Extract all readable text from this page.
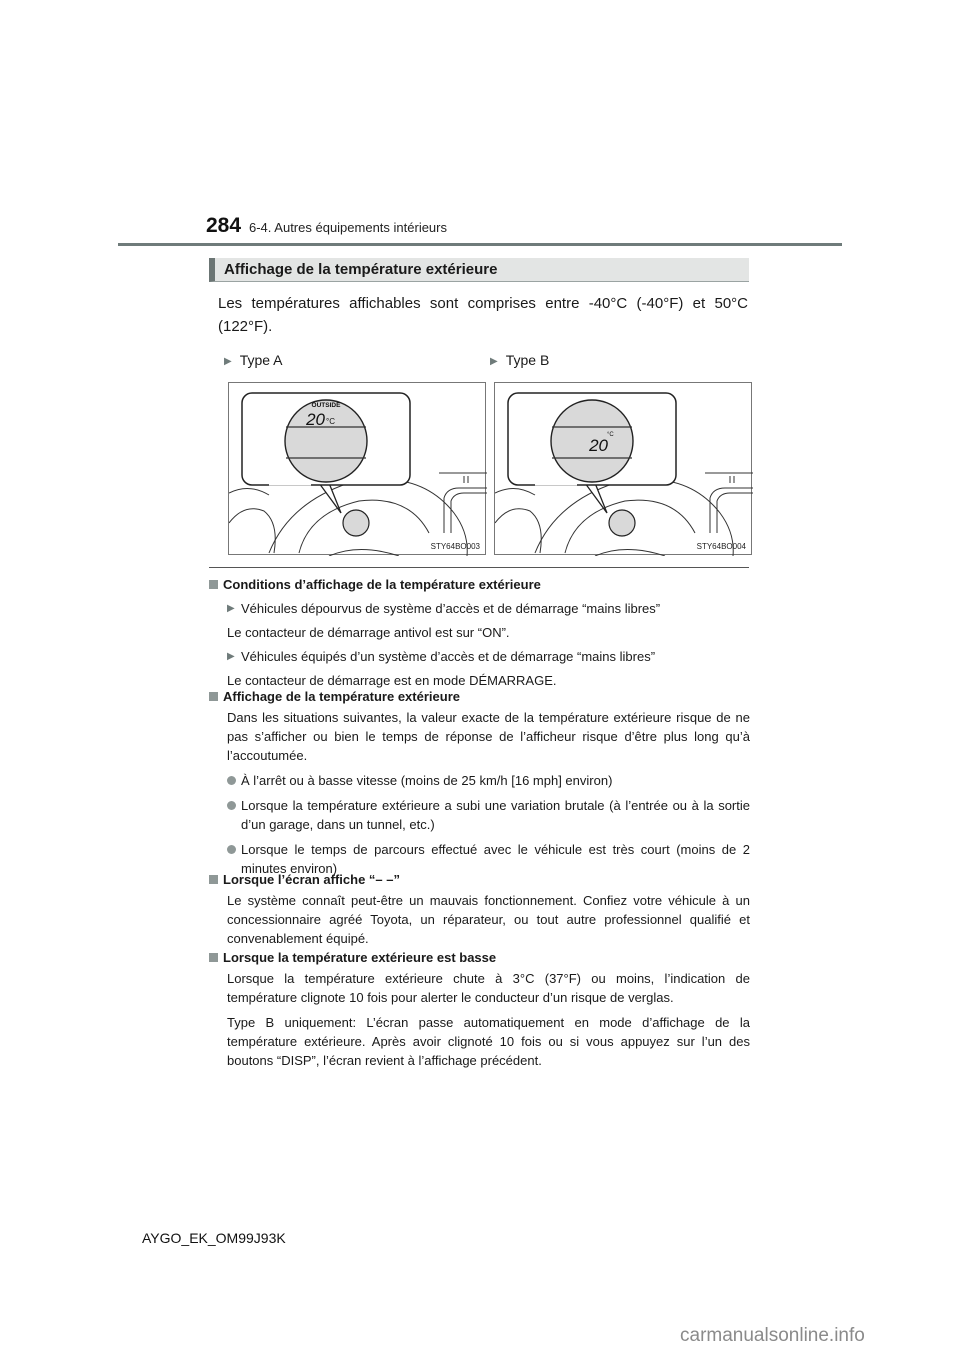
284 6-4. Autres équipements intérieurs
Affichage de la température extérieure
Les températures affichables sont comprises entre -40°C (-40°F) et 50°C (122°F).
▶ Type A	▶ Type B
OUTSIDE
20 °C
STY64BO003
20
°C
STY64BO004
Conditions d’affichage de la température extérieure
▶ Véhicules dépourvus de système d’accès et de démarrage “mains libres”
Le contacteur de démarrage antivol est sur “ON”.
▶ Véhicules équipés d’un système d’accès et de démarrage “mains libres”
Le contacteur de démarrage est en mode DÉMARRAGE.
Affichage de la température extérieure
Dans les situations suivantes, la valeur exacte de la température extérieure risque de ne pas s’afficher ou bien le temps de réponse de l’afficheur risque d’être plus long qu’à l’accoutumée.
À l’arrêt ou à basse vitesse (moins de 25 km/h [16 mph] environ)
Lorsque la température extérieure a subi une variation brutale (à l’entrée ou à la sortie d’un garage, dans un tunnel, etc.)
Lorsque le temps de parcours effectué avec le véhicule est très court (moins de 2 minutes environ)
Lorsque l’écran affiche “– –”
Le système connaît peut-être un mauvais fonctionnement. Confiez votre véhicule à un concessionnaire agréé Toyota, un réparateur, ou tout autre professionnel qualifié et convenablement équipé.
Lorsque la température extérieure est basse
Lorsque la température extérieure chute à 3°C (37°F) ou moins, l’indication de température clignote 10 fois pour alerter le conducteur d’un risque de verglas.
Type B uniquement: L’écran passe automatiquement en mode d’affichage de la température extérieure. Après avoir clignoté 10 fois ou si vous appuyez sur l’un des boutons “DISP”, l’écran revient à l’affichage précédent.
AYGO_EK_OM99J93K
carmanualsonline.info
